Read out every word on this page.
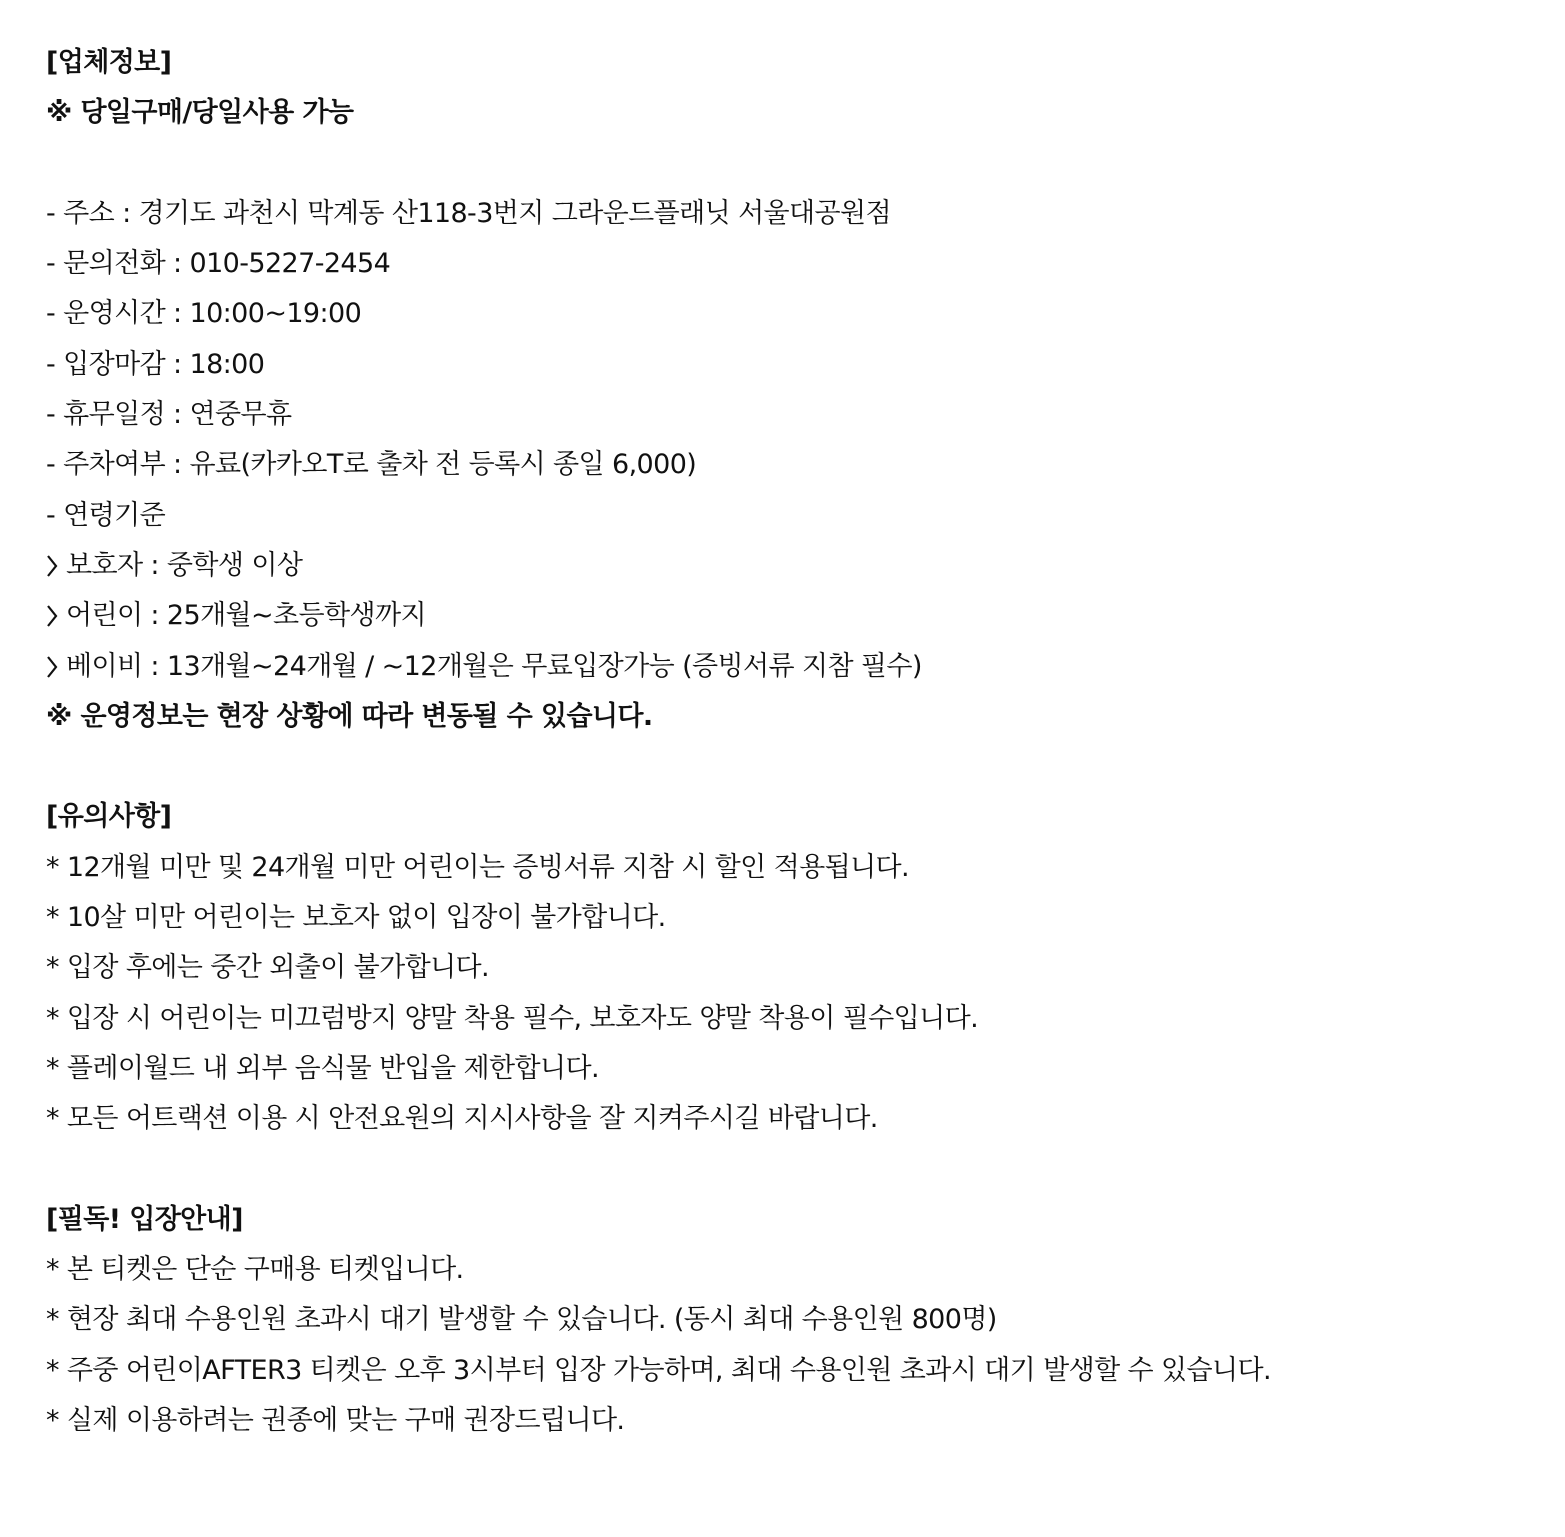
[업체정보]
※ 당일구매/당일사용 가능
- 주소 : 경기도 과천시 막계동 산118-3번지 그라운드플래닛 서울대공원점
- 문의전화 : 010-5227-2454
- 운영시간 : 10:00~19:00
- 입장마감 : 18:00
- 휴무일정 : 연중무휴
- 주차여부 : 유료(카카오T로 출차 전 등록시 종일 6,000)
- 연령기준
보호자 : 중학생 이상
어린이 : 25개월~초등학생까지
베이비 : 13개월~24개월 / ~12개월은 무료입장가능 (증빙서류 지참 필수)
※ 운영정보는 현장 상황에 따라 변동될 수 있습니다.
[유의사항]
* 12개월 미만 및 24개월 미만 어린이는 증빙서류 지참 시 할인 적용됩니다.
* 10살 미만 어린이는 보호자 없이 입장이 불가합니다.
* 입장 후에는 중간 외출이 불가합니다.
* 입장 시 어린이는 미끄럼방지 양말 착용 필수, 보호자도 양말 착용이 필수입니다.
* 플레이월드 내 외부 음식물 반입을 제한합니다.
* 모든 어트랙션 이용 시 안전요원의 지시사항을 잘 지켜주시길 바랍니다.
[필독! 입장안내]
* 본 티켓은 단순 구매용 티켓입니다.
* 현장 최대 수용인원 초과시 대기 발생할 수 있습니다. (동시 최대 수용인원 800명)
* 주중 어린이AFTER3 티켓은 오후 3시부터 입장 가능하며, 최대 수용인원 초과시 대기 발생할 수 있습니다.
* 실제 이용하려는 권종에 맞는 구매 권장드립니다.
